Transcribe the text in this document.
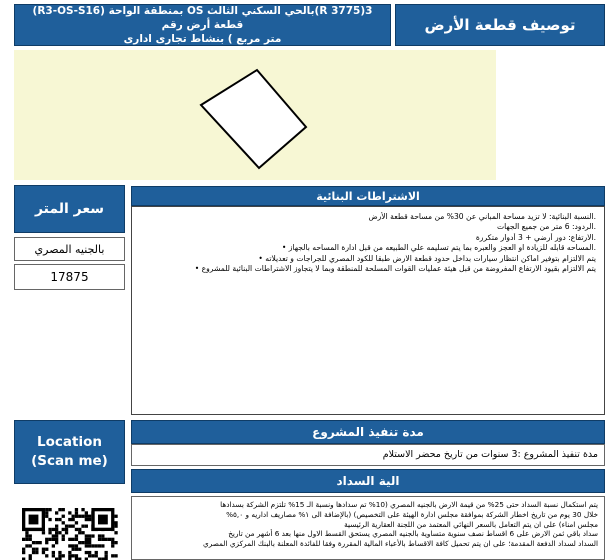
3(3775 R)بالحي السكني الثالث OS بمنطقة الواحة (R3-OS-S16) قطعة أرض رقم
متر مربع ) بنشاط تجارى ادارى
توصيف قطعة الأرض
سعر المتر
بالجنيه المصري
17875
الاشتراطات البنائية

.النسبة البنائية: لا تزيد مساحة المباني عن 30% من مساحة قطعة الأرض

.الردود: 6 متر من جميع الجهات

.الارتفاع: دور أرضي + 3 أدوار متكررة

.المساحه قابله للزيادة او العجز والعبره بما يتم تسليمه علي الطبيعه من قبل ادارة المساحه بالجهاز •

يتم الالتزام بتوفير اماكن انتظار سيارات بداخل حدود قطعة الارض طبقا للكود المصري للجراجات و تعديلاته •

يتم الالتزام بقيود الارتفاع المفروضة من قبل هيئة عمليات القوات المسلحة للمنطقة وبما لا يتجاوز الاشتراطات البنائية للمشروع •

Location
(Scan me)
مدة تنفيذ المشروع
مدة تنفيذ المشروع :3 سنوات من تاريخ محضر الاستلام
الية السداد

يتم استكمال نسبة السداد حتى 25% من قيمة الارض بالجنيه المصري (10% تم سدادها ونسبة الـ 15% تلتزم الشركة بسدادها

خلال 30 يوم من تاريخ اخطار الشركة بموافقة مجلس ادارة الهيئة على التخصيص) (بالإضافة الى ١% مصاريف اداريه و ٥,٠%

مجلس امناء) على ان يتم التعامل بالسعر النهائي المعتمد من اللجنة العقارية الرئيسية

سداد باقي ثمن الارض على 6 اقساط نصف سنوية متساوية بالجنيه المصري يستحق القسط الاول منها بعد 6 أشهر من تاريخ

السداد لسداد الدفعة المقدمة؛ على ان يتم تحميل كافة الاقساط بالأعباء المالية المقررة وفقا للفائدة المعلنة بالبنك المركزي المصري
